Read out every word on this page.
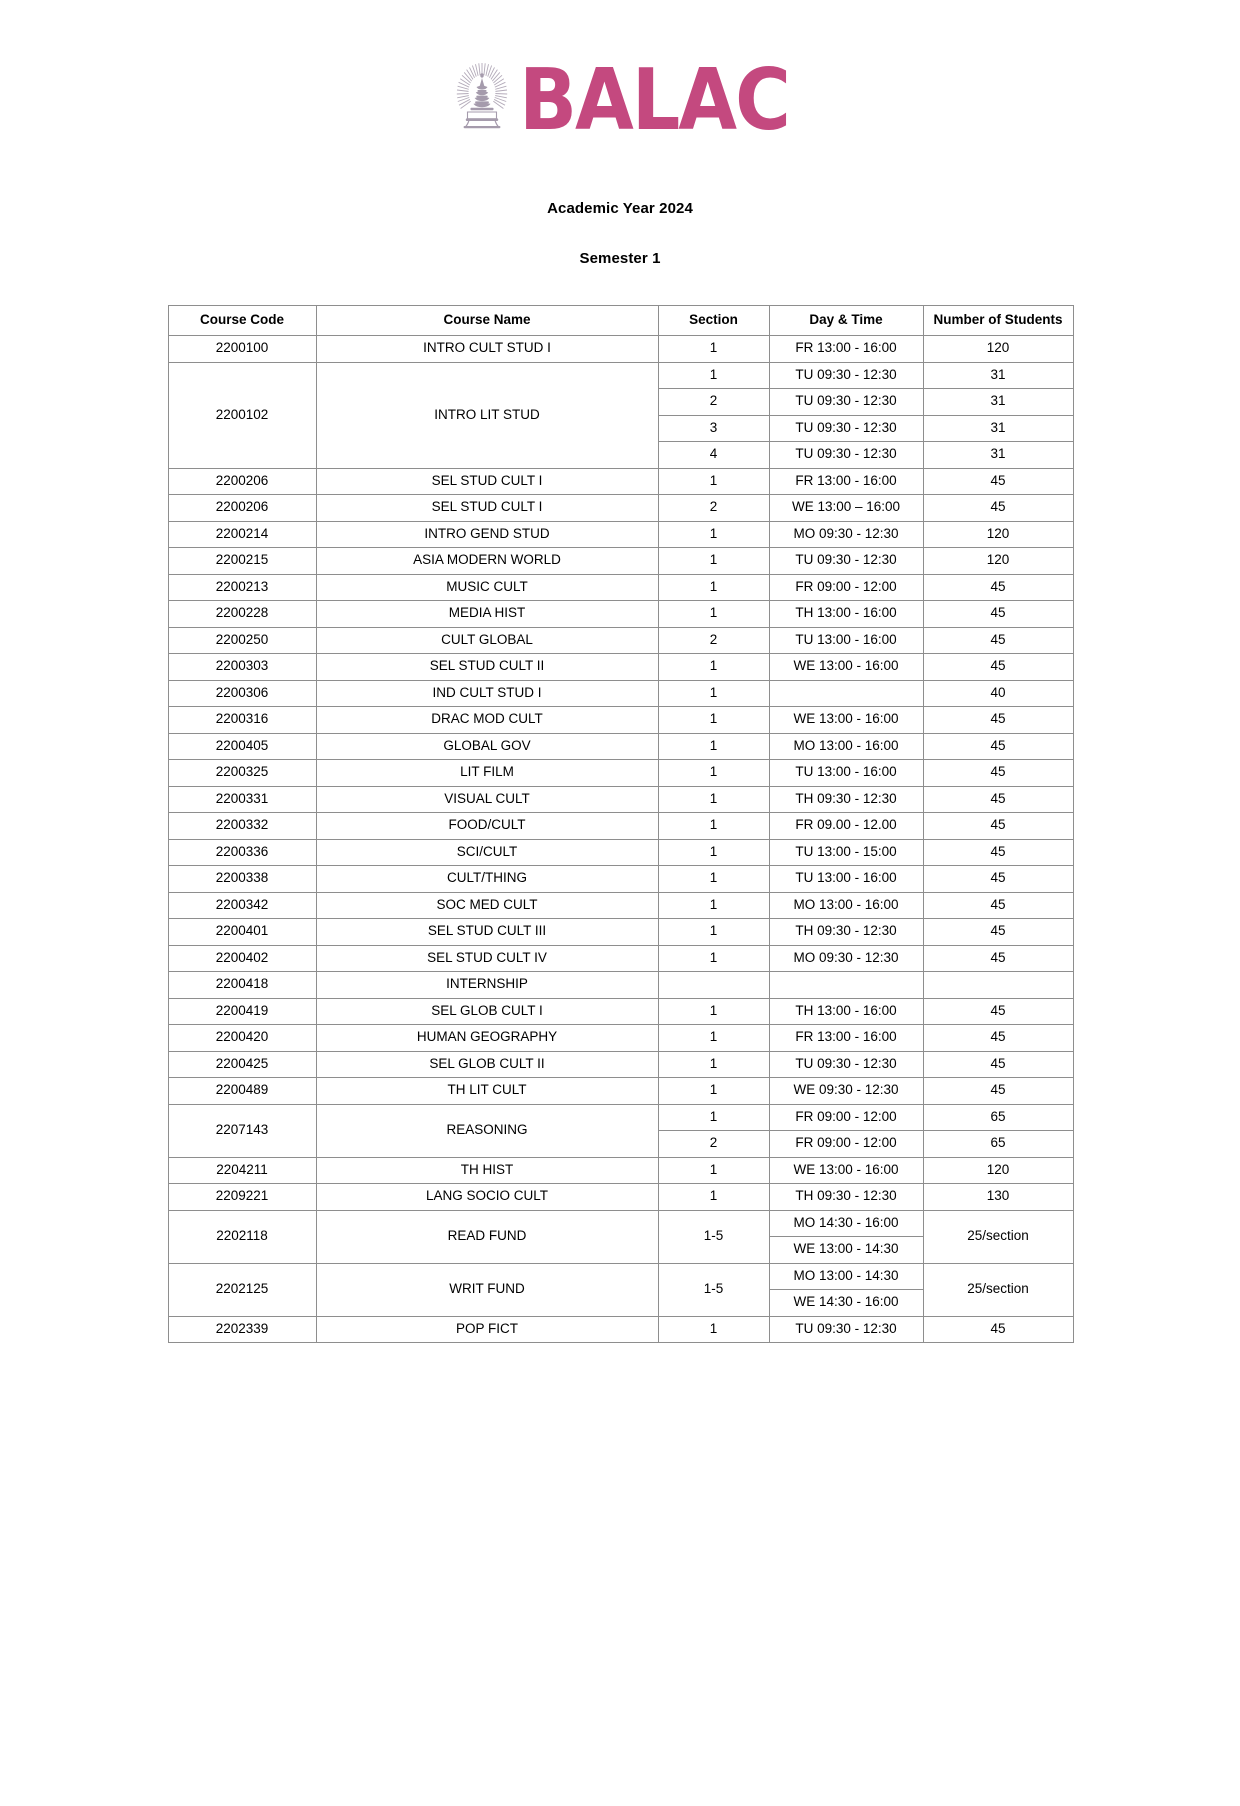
BALAC
Academic Year 2024
Semester 1
Course Code	Course Name	Section	Day & Time	Number of Students
2200100	INTRO CULT STUD I	1	FR 13:00 - 16:00	120
2200102	INTRO LIT STUD	1	TU 09:30 - 12:30	31
		2	TU 09:30 - 12:30	31
		3	TU 09:30 - 12:30	31
		4	TU 09:30 - 12:30	31
2200206	SEL STUD CULT I	1	FR 13:00 - 16:00	45
2200206	SEL STUD CULT I	2	WE 13:00 – 16:00	45
2200214	INTRO GEND STUD	1	MO 09:30 - 12:30	120
2200215	ASIA MODERN WORLD	1	TU 09:30 - 12:30	120
2200213	MUSIC CULT	1	FR 09:00 - 12:00	45
2200228	MEDIA HIST	1	TH 13:00 - 16:00	45
2200250	CULT GLOBAL	2	TU 13:00 - 16:00	45
2200303	SEL STUD CULT II	1	WE 13:00 - 16:00	45
2200306	IND CULT STUD I	1		40
2200316	DRAC MOD CULT	1	WE 13:00 - 16:00	45
2200405	GLOBAL GOV	1	MO 13:00 - 16:00	45
2200325	LIT FILM	1	TU 13:00 - 16:00	45
2200331	VISUAL CULT	1	TH 09:30 - 12:30	45
2200332	FOOD/CULT	1	FR 09.00 - 12.00	45
2200336	SCI/CULT	1	TU 13:00 - 15:00	45
2200338	CULT/THING	1	TU 13:00 - 16:00	45
2200342	SOC MED CULT	1	MO 13:00 - 16:00	45
2200401	SEL STUD CULT III	1	TH 09:30 - 12:30	45
2200402	SEL STUD CULT IV	1	MO 09:30 - 12:30	45
2200418	INTERNSHIP			
2200419	SEL GLOB CULT I	1	TH 13:00 - 16:00	45
2200420	HUMAN GEOGRAPHY	1	FR 13:00 - 16:00	45
2200425	SEL GLOB CULT II	1	TU 09:30 - 12:30	45
2200489	TH LIT CULT	1	WE 09:30 - 12:30	45
2207143	REASONING	1	FR 09:00 - 12:00	65
		2	FR 09:00 - 12:00	65
2204211	TH HIST	1	WE 13:00 - 16:00	120
2209221	LANG SOCIO CULT	1	TH 09:30 - 12:30	130
2202118	READ FUND	1-5	MO 14:30 - 16:00	25/section
			WE 13:00 - 14:30	
2202125	WRIT FUND	1-5	MO 13:00 - 14:30	25/section
			WE 14:30 - 16:00	
2202339	POP FICT	1	TU 09:30 - 12:30	45
